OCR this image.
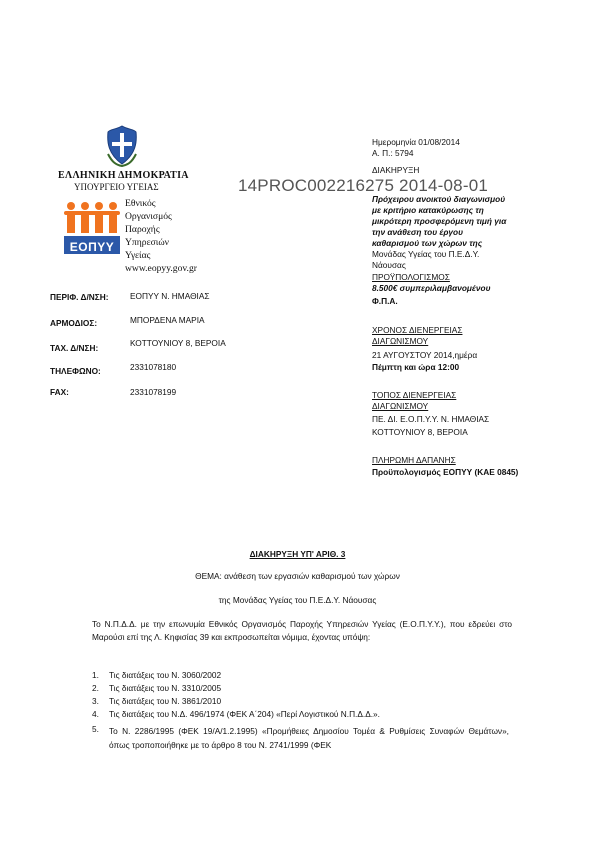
ΕΛΛΗΝΙΚΗ ΔΗΜΟΚΡΑΤΙΑ
ΥΠΟΥΡΓΕΙΟ ΥΓΕΙΑΣ
ΕΟΠΥΥ
Εθνικός
Οργανισμός
Παροχής
Υπηρεσιών
Υγείας
www.eopyy.gov.gr
14PROC002216275 2014-08-01
Ημερομηνία 01/08/2014
Α. Π.: 5794
ΔΙΑΚΗΡΥΞΗ
Πρόχειρου ανοικτού διαγωνισμού
με κριτήριο κατακύρωσης τη
μικρότερη προσφερόμενη τιμή για
την ανάθεση του έργου
καθαρισμού των χώρων της
Μονάδας Υγείας του Π.Ε.Δ.Υ.
Νάουσας
ΠΡΟΫΠΟΛΟΓΙΣΜΟΣ
8.500€ συμπεριλαμβανομένου
Φ.Π.Α.
ΧΡΟΝΟΣ ΔΙΕΝΕΡΓΕΙΑΣ
ΔΙΑΓΩΝΙΣΜΟΥ
21 ΑΥΓΟΥΣΤΟΥ 2014,ημέρα
Πέμπτη και ώρα 12:00
ΤΟΠΟΣ ΔΙΕΝΕΡΓΕΙΑΣ
ΔΙΑΓΩΝΙΣΜΟΥ
ΠΕ. ΔΙ. Ε.Ο.Π.Υ.Υ. Ν. ΗΜΑΘΙΑΣ
ΚΟΤΤΟΥΝΙΟΥ 8, ΒΕΡΟΙΑ
ΠΛΗΡΩΜΗ ΔΑΠΑΝΗΣ
Προϋπολογισμός ΕΟΠΥΥ (ΚΑΕ 0845)
ΠΕΡΙΦ. Δ/ΝΣΗ:	ΕΟΠΥΥ Ν. ΗΜΑΘΙΑΣ
ΑΡΜΟΔΙΟΣ:	ΜΠΟΡΔΕΝΑ ΜΑΡΙΑ
ΤΑΧ. Δ/ΝΣΗ:	ΚΟΤΤΟΥΝΙΟΥ 8, ΒΕΡΟΙΑ
ΤΗΛΕΦΩΝΟ:	2331078180
FAX:	2331078199
ΔΙΑΚΗΡΥΞΗ ΥΠ' ΑΡΙΘ. 3
ΘΕΜΑ: ανάθεση των εργασιών καθαρισμού των χώρων
της Μονάδας Υγείας του Π.Ε.Δ.Υ. Νάουσας
Το Ν.Π.Δ.Δ. με την επωνυμία Εθνικός Οργανισμός Παροχής Υπηρεσιών Υγείας (Ε.Ο.Π.Υ.Υ.), που εδρεύει στο Μαρούσι επί της Λ. Κηφισίας 39 και εκπροσωπείται νόμιμα, έχοντας υπόψη:
1. Τις διατάξεις του Ν. 3060/2002
2. Τις διατάξεις του Ν. 3310/2005
3. Τις διατάξεις του Ν. 3861/2010
4. Τις διατάξεις του Ν.Δ. 496/1974 (ΦΕΚ Α΄204) «Περί Λογιστικού Ν.Π.Δ.Δ.».
5. Το Ν. 2286/1995 (ΦΕΚ 19/Α/1.2.1995) «Προμήθειες Δημοσίου Τομέα & Ρυθμίσεις Συναφών Θεμάτων», όπως τροποποιήθηκε με το άρθρο 8 του Ν. 2741/1999 (ΦΕΚ
